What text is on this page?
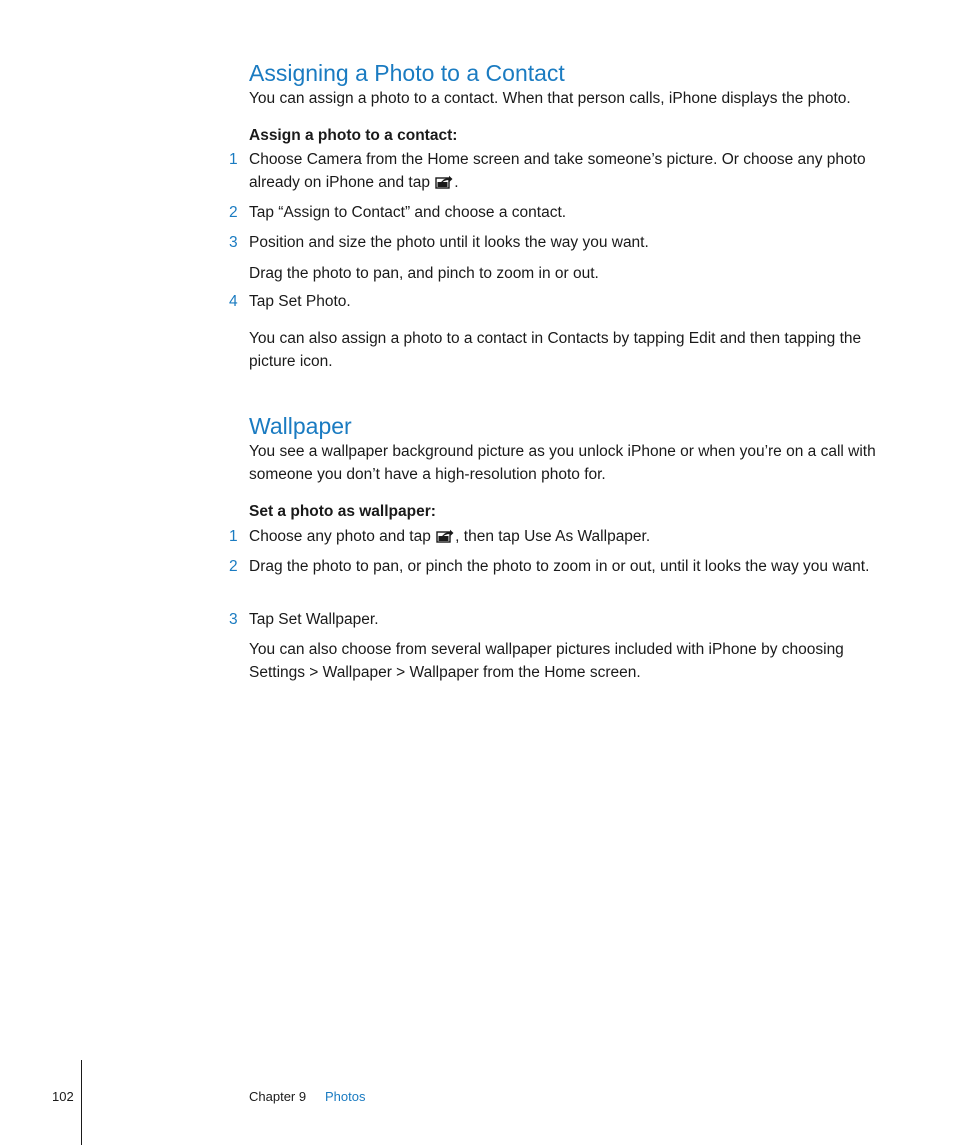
Assigning a Photo to a Contact

You can assign a photo to a contact. When that person calls, iPhone displays the photo.

Assign a photo to a contact:

1 Choose Camera from the Home screen and take someone’s picture. Or choose any photo already on iPhone and tap .
2 Tap “Assign to Contact” and choose a contact.
3 Position and size the photo until it looks the way you want.
Drag the photo to pan, and pinch to zoom in or out.
4 Tap Set Photo.

You can also assign a photo to a contact in Contacts by tapping Edit and then tapping the picture icon.

Wallpaper

You see a wallpaper background picture as you unlock iPhone or when you’re on a call with someone you don’t have a high-resolution photo for.

Set a photo as wallpaper:

1 Choose any photo and tap , then tap Use As Wallpaper.
2 Drag the photo to pan, or pinch the photo to zoom in or out, until it looks the way you want.
3 Tap Set Wallpaper.

You can also choose from several wallpaper pictures included with iPhone by choosing Settings > Wallpaper > Wallpaper from the Home screen.

102	Chapter 9 Photos
